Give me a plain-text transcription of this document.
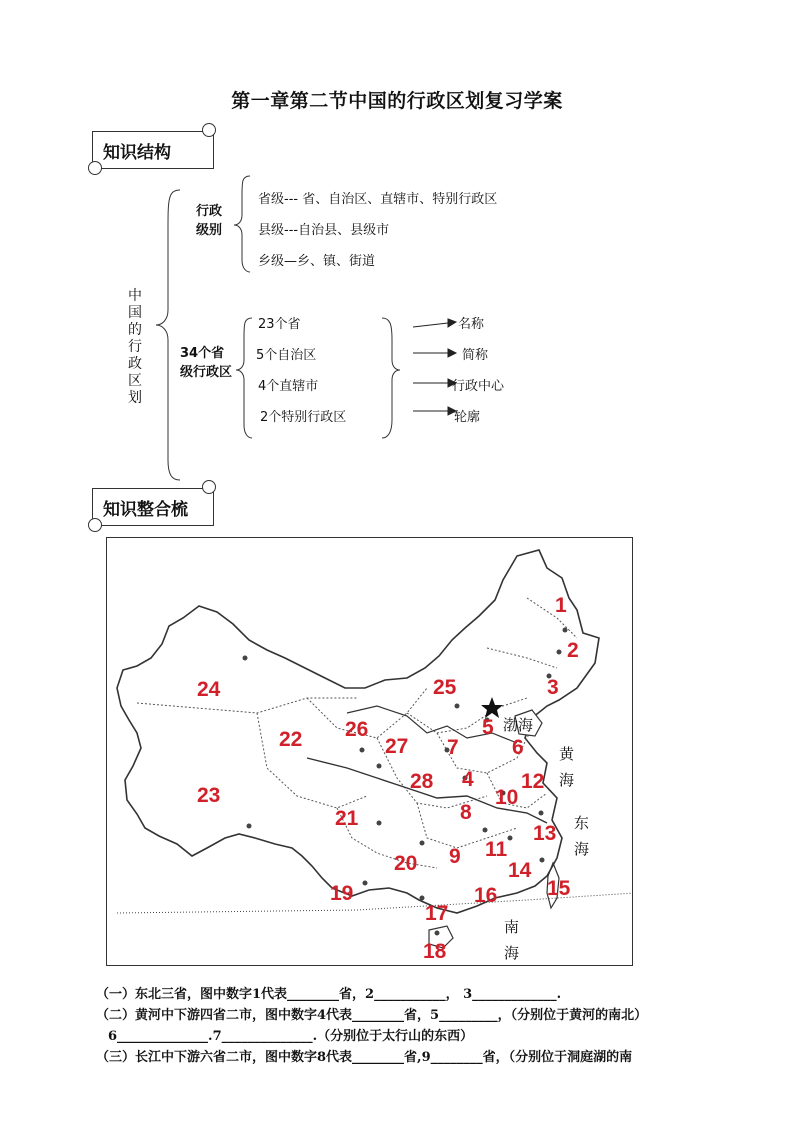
第一章第二节中国的行政区划复习学案
知识结构
中国的行政区划
行政级别
省级--- 省、自治区、直辖市、特别行政区
县级---自治县、县级市
乡级—乡、镇、街道
34个省级行政区
23个省
5个自治区
4个直辖市
2个特别行政区
名称
简称
行政中心
轮廓
知识整合梳
渤海
黄海
东海
南海
1
2
3
4
5
6
7
8
9
10
11
12
13
14
15
16
17
18
19
20
21
22
23
24	25
26
27
28
（一）东北三省，图中数字1代表________省，2___________， 3_____________.
（二）黄河中下游四省二市，图中数字4代表________省，5_________，（分别位于黄河的南北）
6______________.7______________.（分别位于太行山的东西）
（三）长江中下游六省二市，图中数字8代表________省,9________省，（分别位于洞庭湖的南
